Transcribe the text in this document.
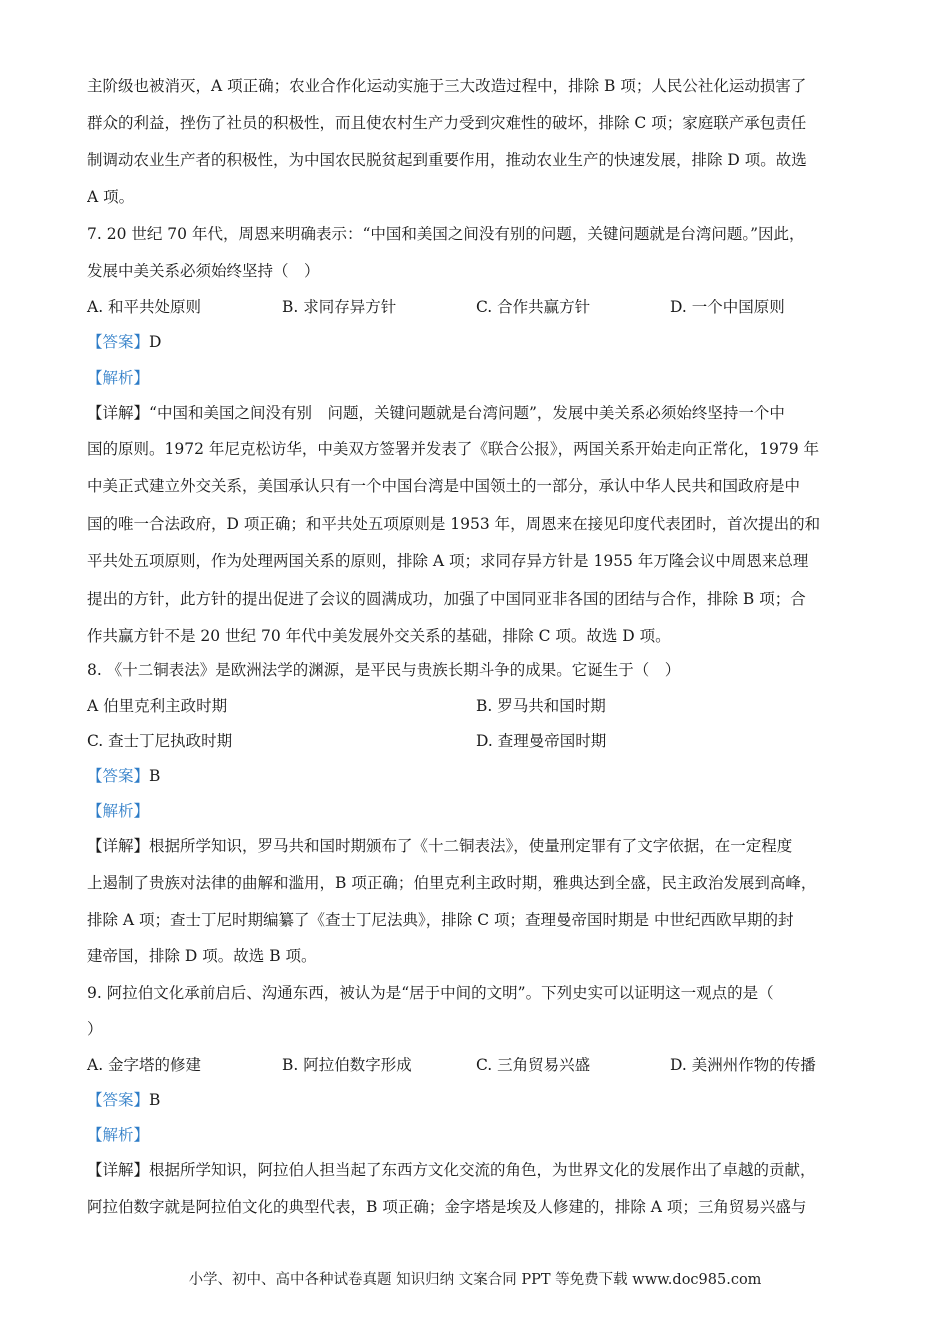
主阶级也被消灭，A 项正确；农业合作化运动实施于三大改造过程中，排除 B 项；人民公社化运动损害了
群众的利益，挫伤了社员的积极性，而且使农村生产力受到灾难性的破坏，排除 C 项；家庭联产承包责任
制调动农业生产者的积极性，为中国农民脱贫起到重要作用，推动农业生产的快速发展，排除 D 项。故选
A 项。
7. 20 世纪 70 年代，周恩来明确表示：“中国和美国之间没有别的问题，关键问题就是台湾问题。”因此，
发展中美关系必须始终坚持（　）
A. 和平共处原则	B. 求同存异方针	C. 合作共赢方针	D. 一个中国原则
【答案】D
【解析】
【详解】“中国和美国之间没有别　问题，关键问题就是台湾问题”，发展中美关系必须始终坚持一个中
国的原则。1972 年尼克松访华，中美双方签署并发表了《联合公报》，两国关系开始走向正常化，1979 年
中美正式建立外交关系，美国承认只有一个中国台湾是中国领土的一部分，承认中华人民共和国政府是中
国的唯一合法政府，D 项正确；和平共处五项原则是 1953 年，周恩来在接见印度代表团时，首次提出的和
平共处五项原则，作为处理两国关系的原则，排除 A 项；求同存异方针是 1955 年万隆会议中周恩来总理
提出的方针，此方针的提出促进了会议的圆满成功，加强了中国同亚非各国的团结与合作，排除 B 项；合
作共赢方针不是 20 世纪 70 年代中美发展外交关系的基础，排除 C 项。故选 D 项。
8. 《十二铜表法》是欧洲法学的渊源，是平民与贵族长期斗争的成果。它诞生于（　）
A 伯里克利主政时期	B. 罗马共和国时期
C. 查士丁尼执政时期	D. 查理曼帝国时期
【答案】B
【解析】
【详解】根据所学知识，罗马共和国时期颁布了《十二铜表法》，使量刑定罪有了文字依据，在一定程度
上遏制了贵族对法律的曲解和滥用，B 项正确；伯里克利主政时期，雅典达到全盛，民主政治发展到高峰，
排除 A 项；查士丁尼时期编纂了《查士丁尼法典》，排除 C 项；查理曼帝国时期是 中世纪西欧早期的封
建帝国，排除 D 项。故选 B 项。
9. 阿拉伯文化承前启后、沟通东西，被认为是“居于中间的文明”。下列史实可以证明这一观点的是（
）
A. 金字塔的修建	B. 阿拉伯数字形成	C. 三角贸易兴盛	D. 美洲州作物的传播
【答案】B
【解析】
【详解】根据所学知识，阿拉伯人担当起了东西方文化交流的角色，为世界文化的发展作出了卓越的贡献，
阿拉伯数字就是阿拉伯文化的典型代表，B 项正确；金字塔是埃及人修建的，排除 A 项；三角贸易兴盛与
小学、初中、高中各种试卷真题 知识归纳 文案合同 PPT 等免费下载 www.doc985.com
